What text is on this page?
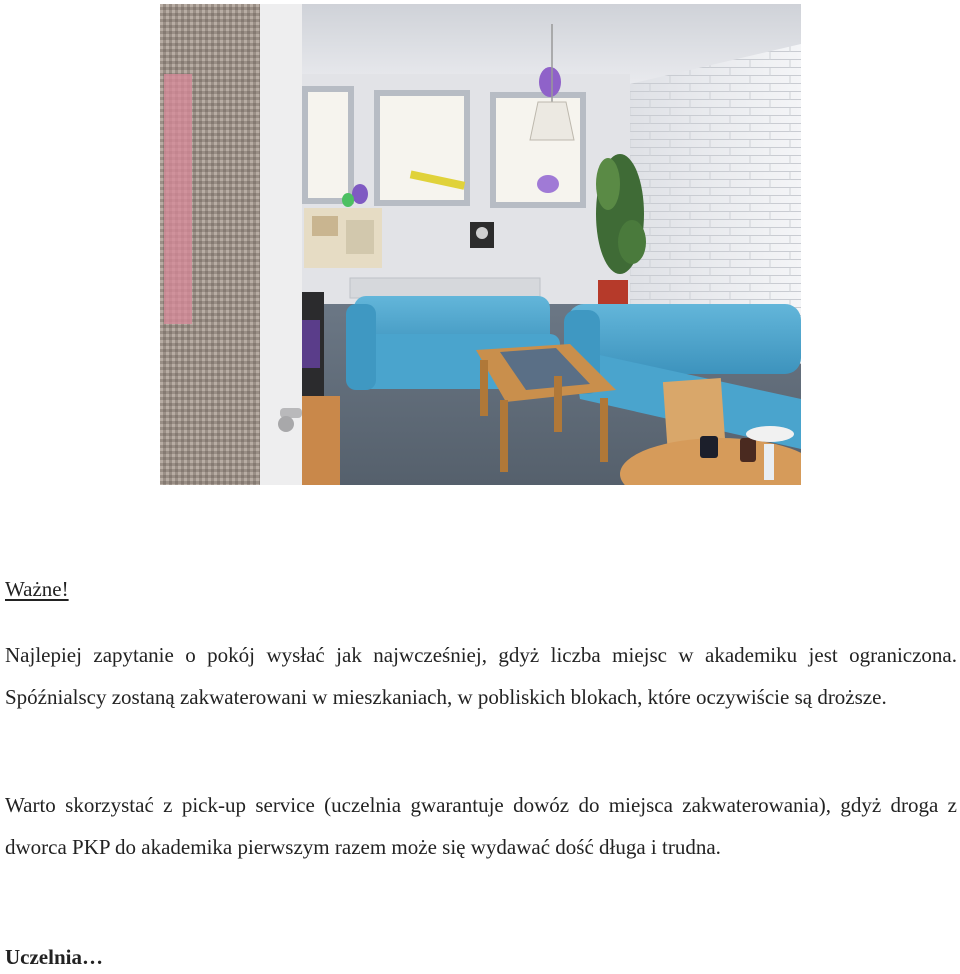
Ważne!

Najlepiej zapytanie o pokój wysłać jak najwcześniej, gdyż liczba miejsc w akademiku jest ograniczona. Spóźnialscy zostaną zakwaterowani w mieszkaniach, w pobliskich blokach, które oczywiście są droższe.

Warto skorzystać z pick-up service (uczelnia gwarantuje dowóz do miejsca zakwaterowania), gdyż droga z dworca PKP do akademika pierwszym razem może się wydawać dość długa i trudna.

Uczelnia…
